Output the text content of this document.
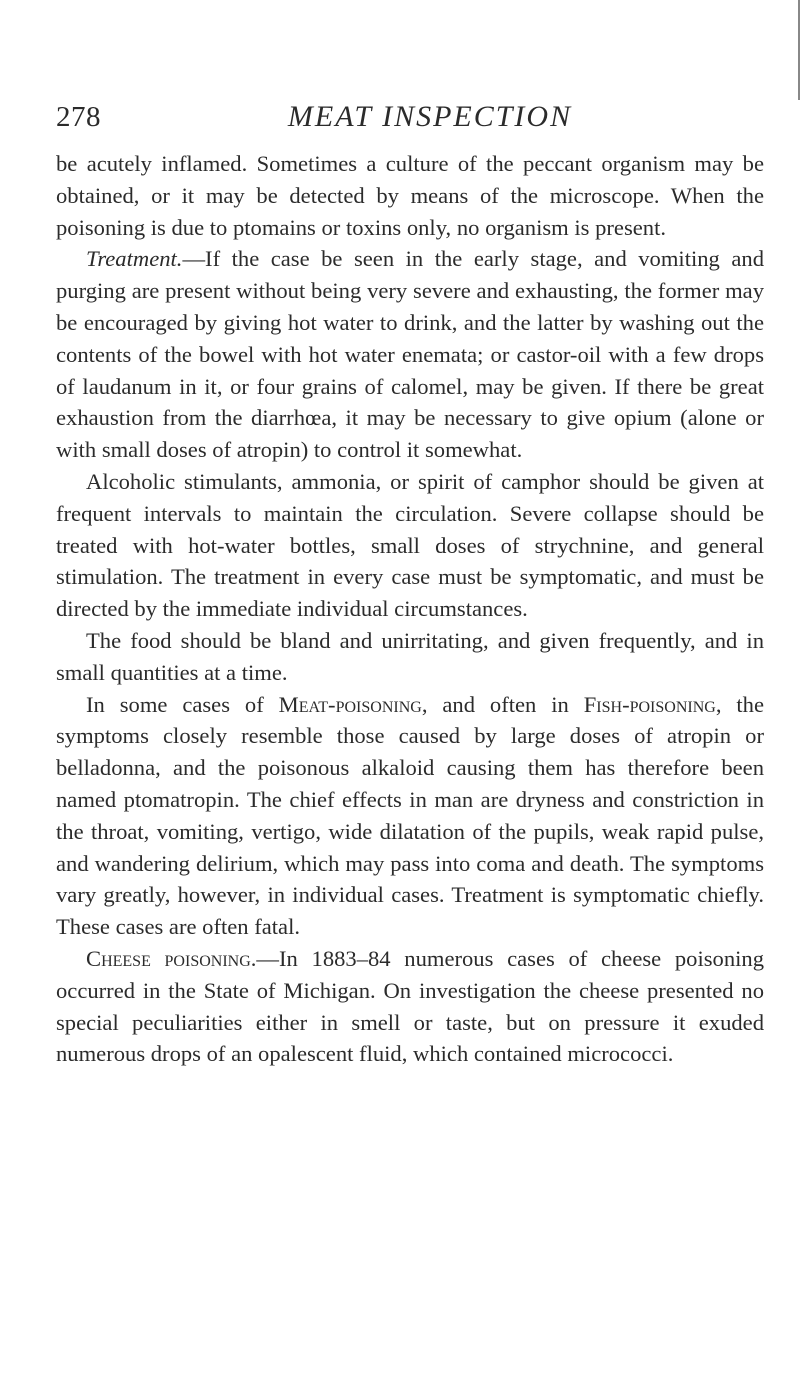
278	MEAT INSPECTION

be acutely inflamed. Sometimes a culture of the peccant organism may be obtained, or it may be detected by means of the microscope. When the poisoning is due to ptomains or toxins only, no organism is present.

Treatment.—If the case be seen in the early stage, and vomiting and purging are present without being very severe and exhausting, the former may be encouraged by giving hot water to drink, and the latter by washing out the contents of the bowel with hot water enemata; or castor-oil with a few drops of laudanum in it, or four grains of calomel, may be given. If there be great exhaustion from the diarrhœa, it may be necessary to give opium (alone or with small doses of atropin) to control it somewhat.

Alcoholic stimulants, ammonia, or spirit of camphor should be given at frequent intervals to maintain the circulation. Severe collapse should be treated with hot-water bottles, small doses of strychnine, and general stimulation. The treatment in every case must be symptomatic, and must be directed by the immediate individual circumstances.

The food should be bland and unirritating, and given frequently, and in small quantities at a time.

In some cases of Meat-poisoning, and often in Fish-poisoning, the symptoms closely resemble those caused by large doses of atropin or belladonna, and the poisonous alkaloid causing them has therefore been named ptomatropin. The chief effects in man are dryness and constriction in the throat, vomiting, vertigo, wide dilatation of the pupils, weak rapid pulse, and wandering delirium, which may pass into coma and death. The symptoms vary greatly, however, in individual cases. Treatment is symptomatic chiefly. These cases are often fatal.

Cheese poisoning.—In 1883–84 numerous cases of cheese poisoning occurred in the State of Michigan. On investigation the cheese presented no special peculiarities either in smell or taste, but on pressure it exuded numerous drops of an opalescent fluid, which contained micrococci.
